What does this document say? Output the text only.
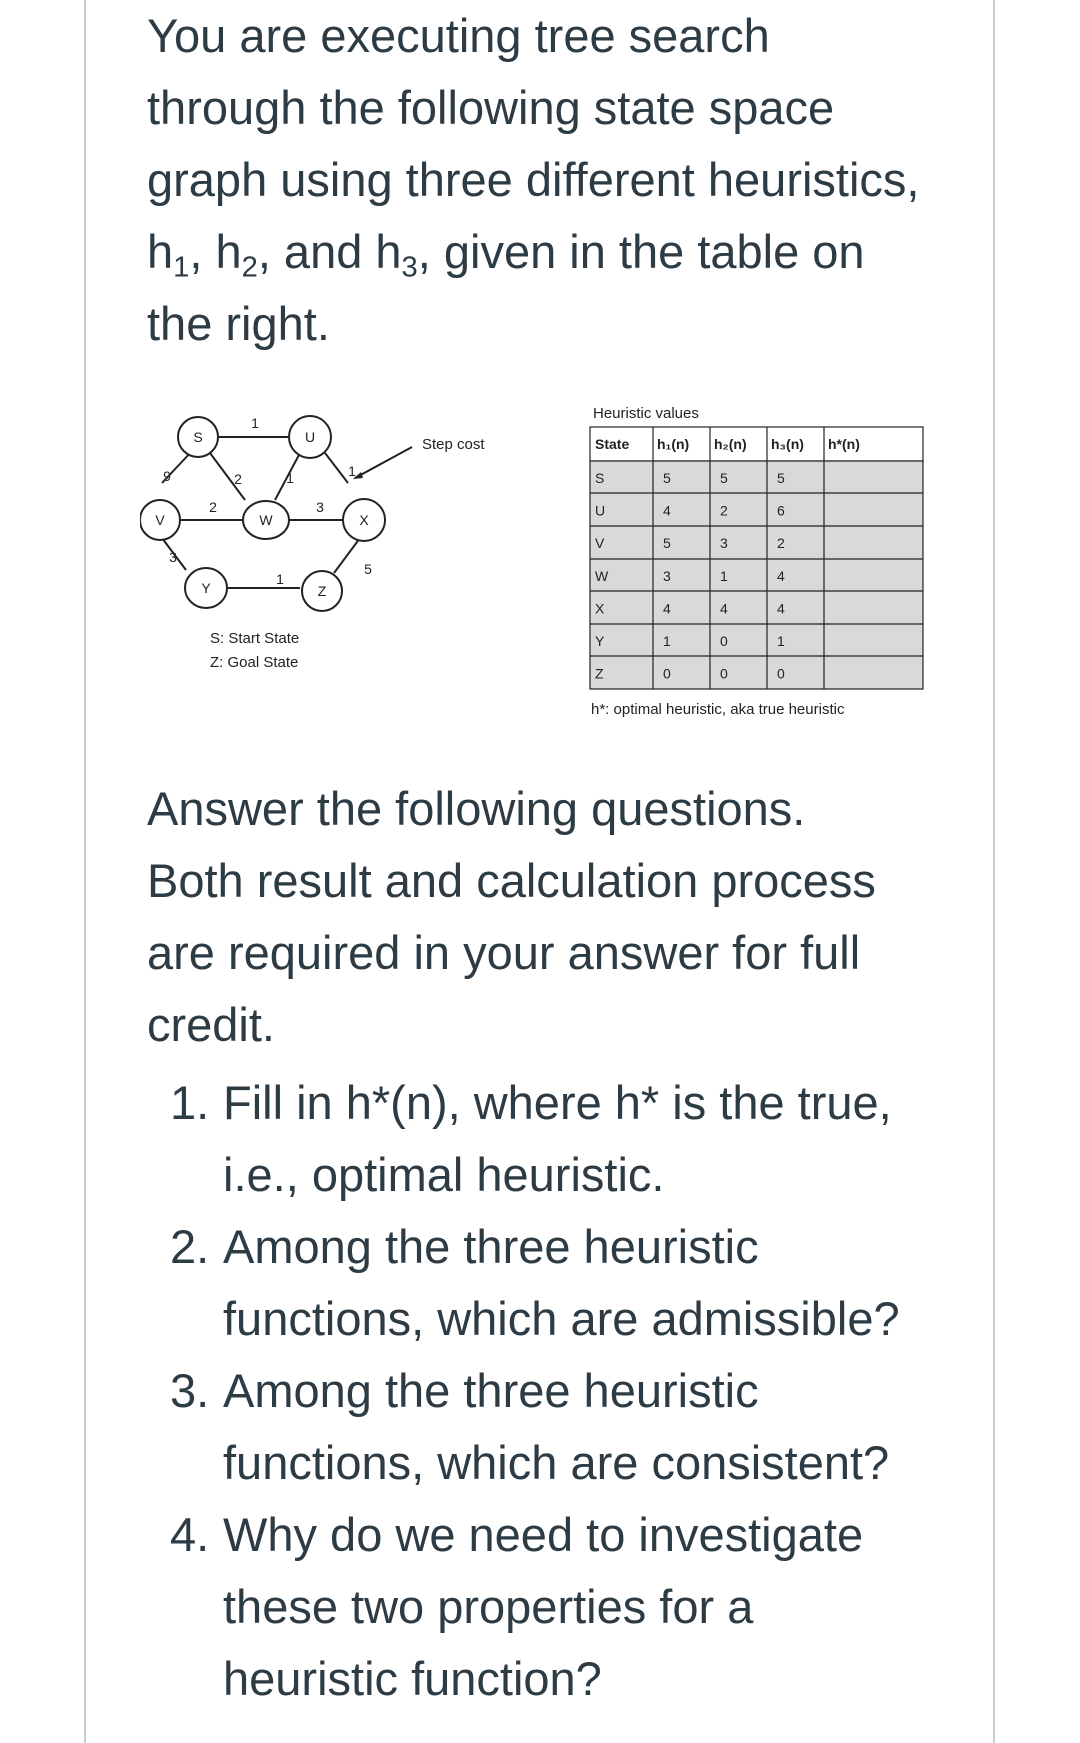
You are executing tree search
through the following state space
graph using three different heuristics,
$h_1$, $h_2$, and $h_3$, given in the table on
the right.
S	U
V	W	X
Y	Z
1
9	2	1	1
2
3
3
1
5
Step cost
S: Start State
Z: Goal State
Heuristic values
State h₁(n) h₂(n) h₃(n) h*(n)
S	5	5	5
U	4	2	6
V	5	3	2
W	3	1	4
X	4	4	4
Y	1	0	1
Z	0	0	0
h*: optimal heuristic, aka true heuristic
Answer the following questions.
Both result and calculation process
are required in your answer for full
credit.
1. Fill in h*(n), where h* is the true,
i.e., optimal heuristic.
2. Among the three heuristic
functions, which are admissible?
3. Among the three heuristic
functions, which are consistent?
4. Why do we need to investigate
these two properties for a
heuristic function?
